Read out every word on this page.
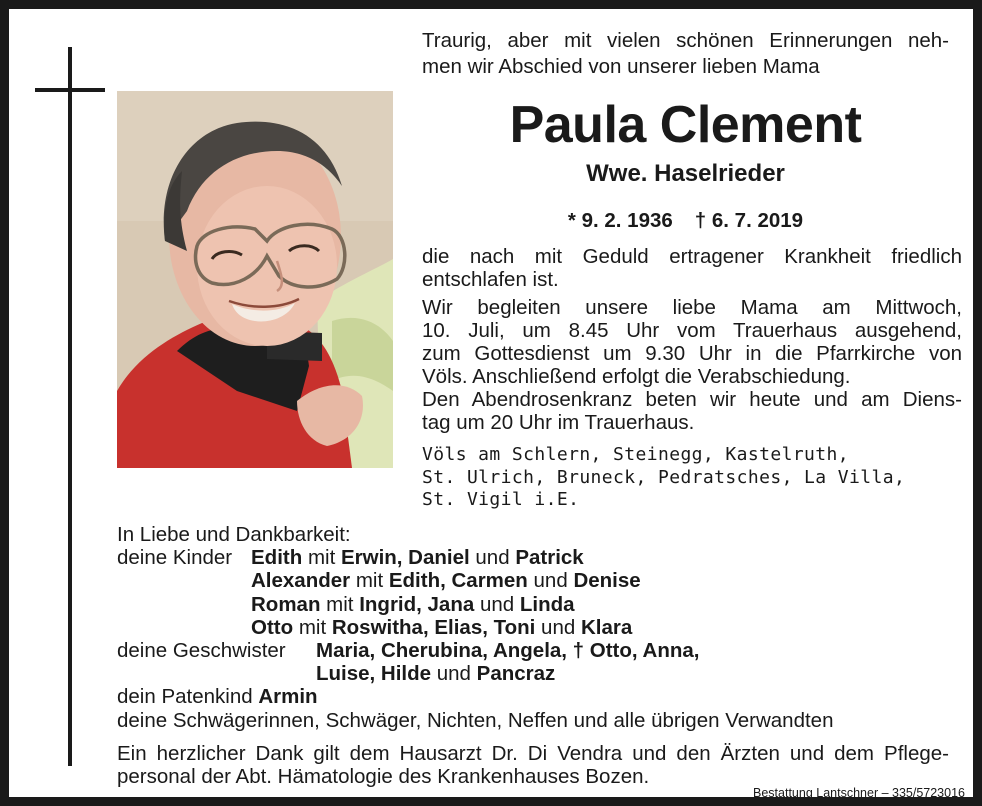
Traurig, aber mit vielen schönen Erinnerungen neh-
men wir Abschied von unserer lieben Mama
Paula Clement
Wwe. Haselrieder
* 9. 2. 1936 † 6. 7. 2019
die nach mit Geduld ertragener Krankheit friedlich
entschlafen ist.
Wir begleiten unsere liebe Mama am Mittwoch,
10. Juli, um 8.45 Uhr vom Trauerhaus ausgehend,
zum Gottesdienst um 9.30 Uhr in die Pfarrkirche von
Völs. Anschließend erfolgt die Verabschiedung.
Den Abendrosenkranz beten wir heute und am Diens-
tag um 20 Uhr im Trauerhaus.
Völs am Schlern, Steinegg, Kastelruth,
St. Ulrich, Bruneck, Pedratsches, La Villa,
St. Vigil i.E.
In Liebe und Dankbarkeit:
deine Kinder Edith mit Erwin, Daniel und Patrick
Alexander mit Edith, Carmen und Denise
Roman mit Ingrid, Jana und Linda
Otto mit Roswitha, Elias, Toni und Klara
deine Geschwister	Maria, Cherubina, Angela, † Otto, Anna,
Luise, Hilde und Pancraz
dein Patenkind
Armin
deine Schwägerinnen, Schwäger, Nichten, Neffen und alle übrigen Verwandten
Ein herzlicher Dank gilt dem Hausarzt Dr. Di Vendra und den Ärzten und dem Pflege-
personal der Abt. Hämatologie des Krankenhauses Bozen.
Bestattung Lantschner – 335/5723016
